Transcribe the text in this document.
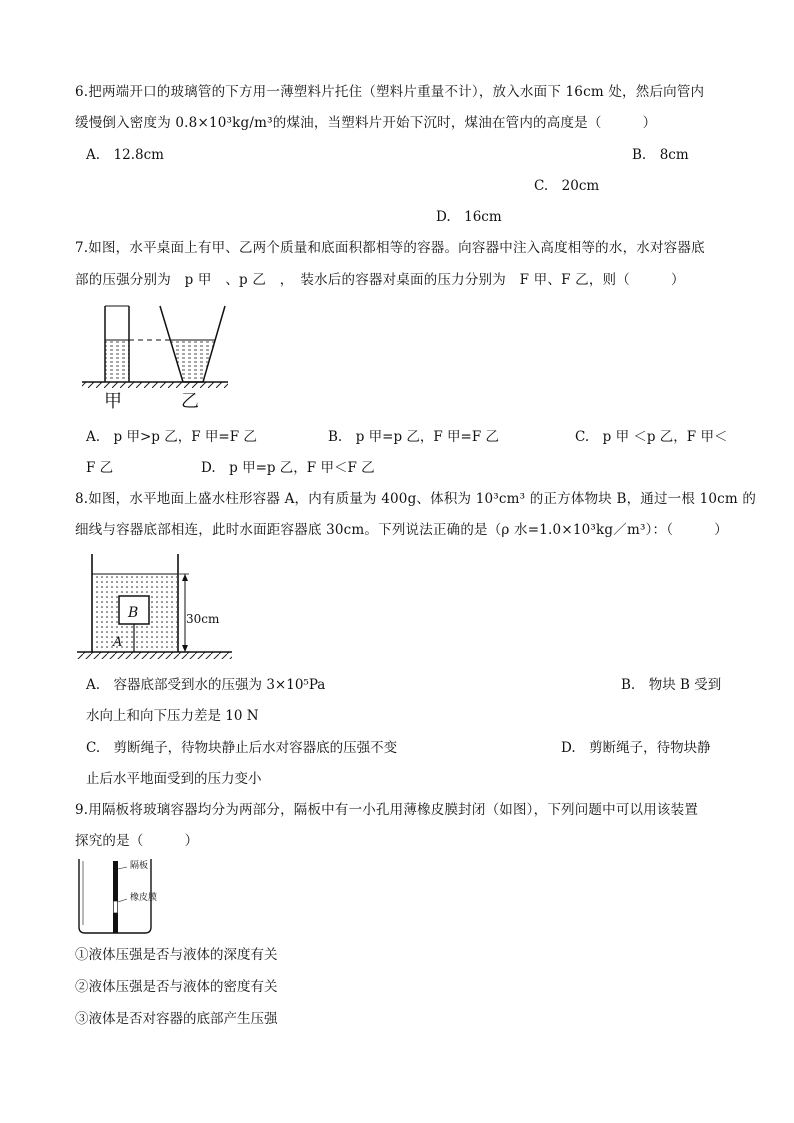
6.把两端开口的玻璃管的下方用一薄塑料片托住（塑料片重量不计），放入水面下 16cm 处，然后向管内
缓慢倒入密度为 0.8×10³kg/m³的煤油，当塑料片开始下沉时，煤油在管内的高度是（　　　）
A.　12.8cm	B.　8cm
C.　20cm
D.　16cm
7.如图，水平桌面上有甲、乙两个质量和底面积都相等的容器。向容器中注入高度相等的水，水对容器底
部的压强分别为　p 甲　、p 乙　，　装水后的容器对桌面的压力分别为　F 甲、F 乙，则（　　　）
甲	乙
A.　p 甲>p 乙，F 甲=F 乙	B.　p 甲=p 乙，F 甲=F 乙	C.　p 甲 ＜p 乙，F 甲＜
F 乙	D.　p 甲=p 乙，F 甲＜F 乙
8.如图，水平地面上盛水柱形容器 A，内有质量为 400g、体积为 10³cm³ 的正方体物块 B，通过一根 10cm 的
细线与容器底部相连，此时水面距容器底 30cm。下列说法正确的是（ρ 水=1.0×10³kg／m³）：（　　　）
B
A
30cm
A.　容器底部受到水的压强为 3×10⁵Pa	B.　物块 B 受到
水向上和向下压力差是 10 N
C.　剪断绳子，待物块静止后水对容器底的压强不变	D.　剪断绳子，待物块静
止后水平地面受到的压力变小
9.用隔板将玻璃容器均分为两部分，隔板中有一小孔用薄橡皮膜封闭（如图），下列问题中可以用该装置
探究的是（　　　）
隔板
橡皮膜
①液体压强是否与液体的深度有关
②液体压强是否与液体的密度有关
③液体是否对容器的底部产生压强
